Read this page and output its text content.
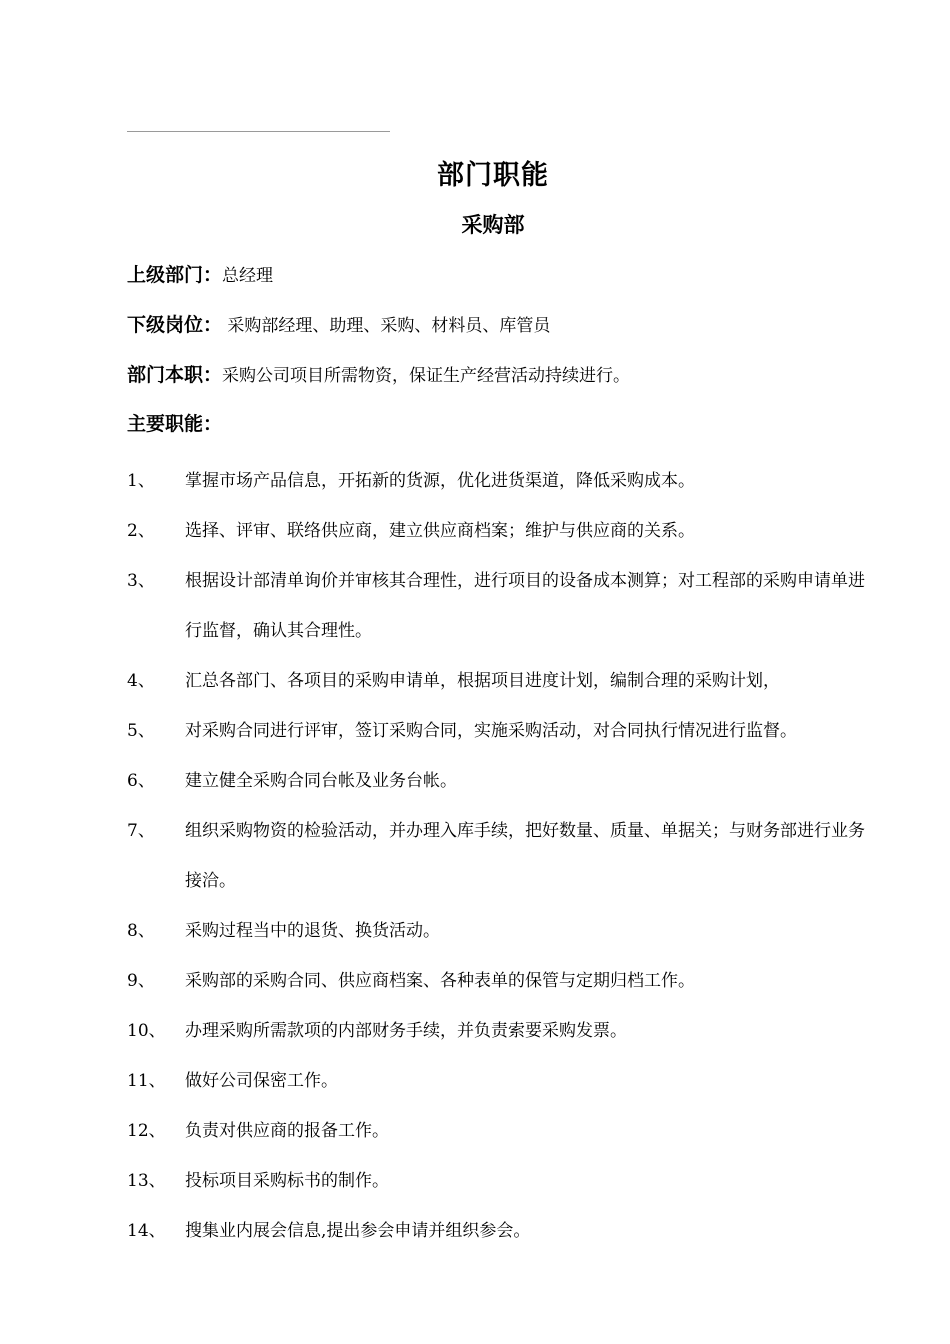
部门职能
采购部
上级部门：总经理
下级岗位： 采购部经理、助理、采购、材料员、库管员
部门本职：采购公司项目所需物资，保证生产经营活动持续进行。
主要职能：
1、	掌握市场产品信息，开拓新的货源，优化进货渠道，降低采购成本。
2、	选择、评审、联络供应商，建立供应商档案；维护与供应商的关系。
3、	根据设计部清单询价并审核其合理性，进行项目的设备成本测算；对工程部的采购申请单进行监督，确认其合理性。
4、	汇总各部门、各项目的采购申请单，根据项目进度计划，编制合理的采购计划，
5、	对采购合同进行评审，签订采购合同，实施采购活动，对合同执行情况进行监督。
6、	建立健全采购合同台帐及业务台帐。
7、	组织采购物资的检验活动，并办理入库手续，把好数量、质量、单据关；与财务部进行业务接洽。
8、	采购过程当中的退货、换货活动。
9、	采购部的采购合同、供应商档案、各种表单的保管与定期归档工作。
10、	办理采购所需款项的内部财务手续，并负责索要采购发票。
11、	做好公司保密工作。
12、	负责对供应商的报备工作。
13、	投标项目采购标书的制作。
14、	搜集业内展会信息,提出参会申请并组织参会。
